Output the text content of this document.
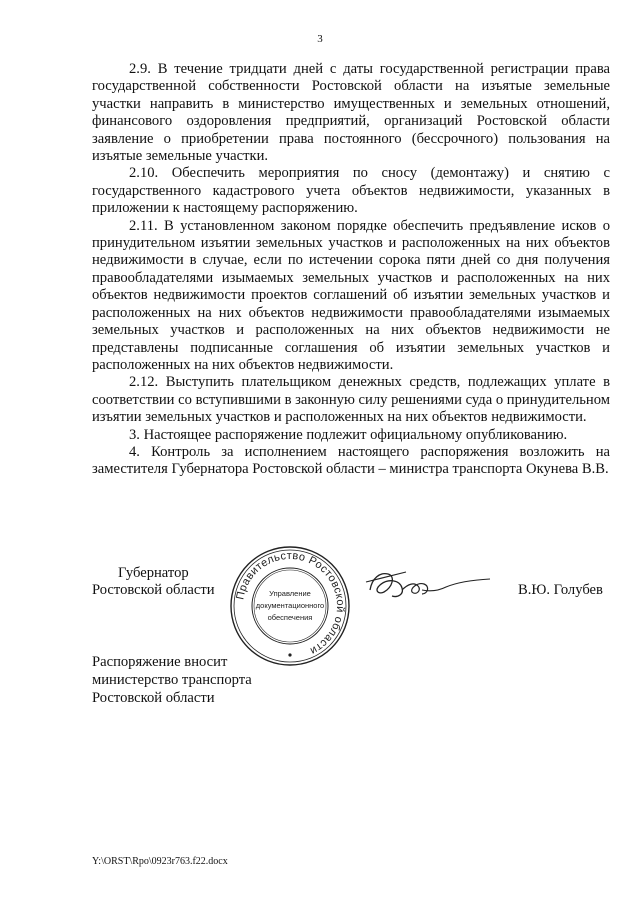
3

2.9. В течение тридцати дней с даты государственной регистрации права государственной собственности Ростовской области на изъятые земельные участки направить в министерство имущественных и земельных отношений, финансового оздоровления предприятий, организаций Ростовской области заявление о приобретении права постоянного (бессрочного) пользования на изъятые земельные участки.

2.10. Обеспечить мероприятия по сносу (демонтажу) и снятию с государственного кадастрового учета объектов недвижимости, указанных в приложении к настоящему распоряжению.

2.11. В установленном законом порядке обеспечить предъявление исков о принудительном изъятии земельных участков и расположенных на них объектов недвижимости в случае, если по истечении сорока пяти дней со дня получения правообладателями изымаемых земельных участков и расположенных на них объектов недвижимости проектов соглашений об изъятии земельных участков и расположенных на них объектов недвижимости правообладателями изымаемых земельных участков и расположенных на них объектов недвижимости не представлены подписанные соглашения об изъятии земельных участков и расположенных на них объектов недвижимости.

2.12. Выступить плательщиком денежных средств, подлежащих уплате в соответствии со вступившими в законную силу решениями суда о принудительном изъятии земельных участков и расположенных на них объектов недвижимости.

3. Настоящее распоряжение подлежит официальному опубликованию.

4. Контроль за исполнением настоящего распоряжения возложить на заместителя Губернатора Ростовской области – министра транспорта Окунева В.В.

Губернатор
Ростовской области Правительство Ростовской области
Управление
документационного
обеспечения
В.Ю. Голубев
Распоряжение вносит
министерство транспорта
Ростовской области
Y:\ORST\Rpo\0923r763.f22.docx
